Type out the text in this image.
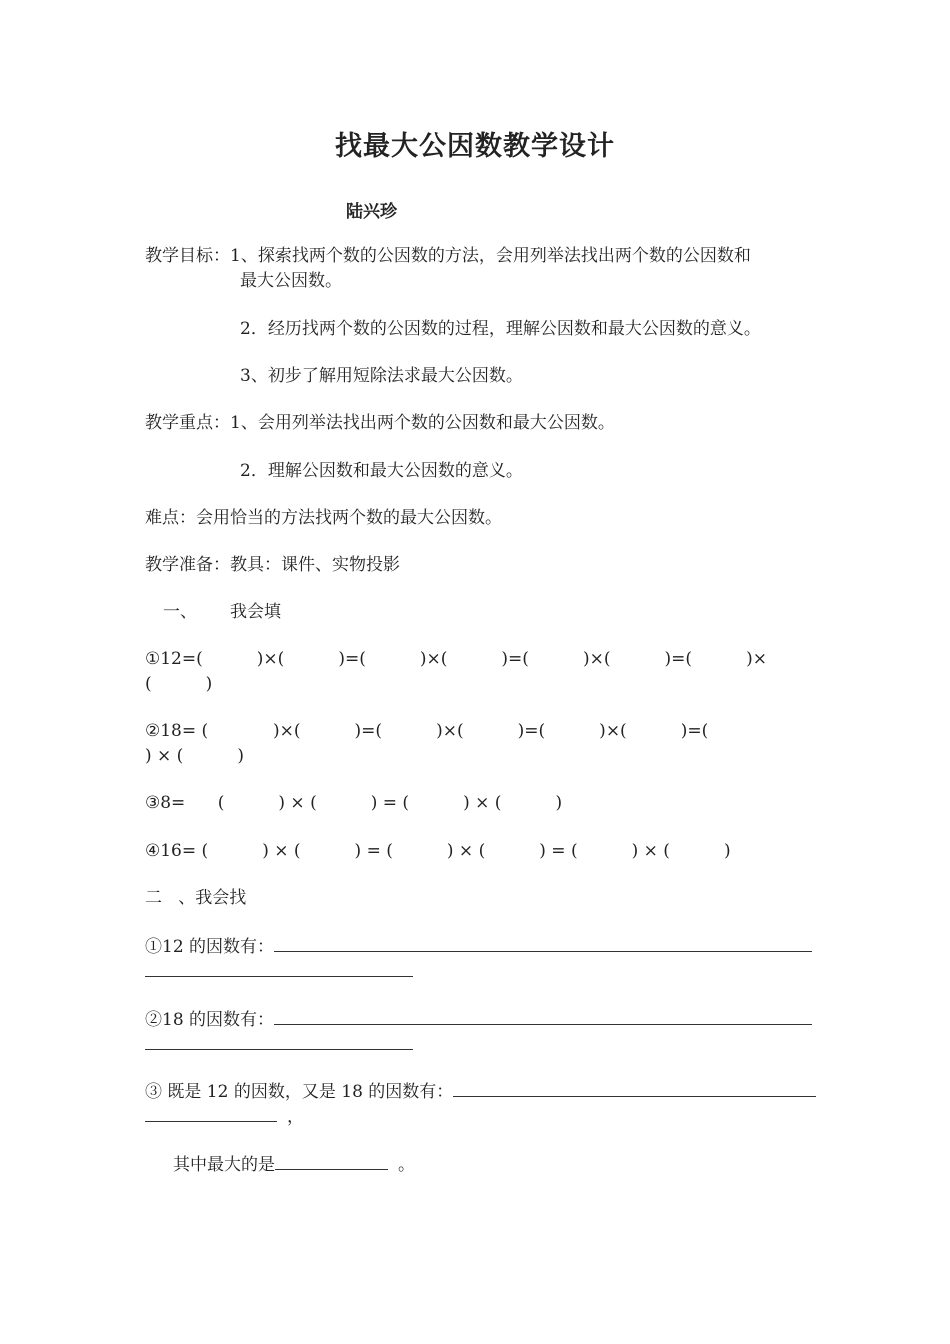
找最大公因数教学设计
陆兴珍
教学目标：1、探索找两个数的公因数的方法，会用列举法找出两个数的公因数和
最大公因数。
2．经历找两个数的公因数的过程，理解公因数和最大公因数的意义。
3、初步了解用短除法求最大公因数。
教学重点：1、会用列举法找出两个数的公因数和最大公因数。
2．理解公因数和最大公因数的意义。
难点：会用恰当的方法找两个数的最大公因数。
教学准备：教具：课件、实物投影
一、 我会填
①12=(          )×(          )=(          )×(          )=(          )×(          )=(          )×
(          )
②18= (            )×(          )=(          )×(          )=(          )×(          )=(
) × (          )
③8=      (          ) × (          ) = (          ) × (          )
④16= (          ) × (          ) = (          ) × (          ) = (          ) × (          )
二   、我会找
①12 的因数有：
②18 的因数有：
③ 既是 12 的因数，又是 18 的因数有：
，
其中最大的是	。
